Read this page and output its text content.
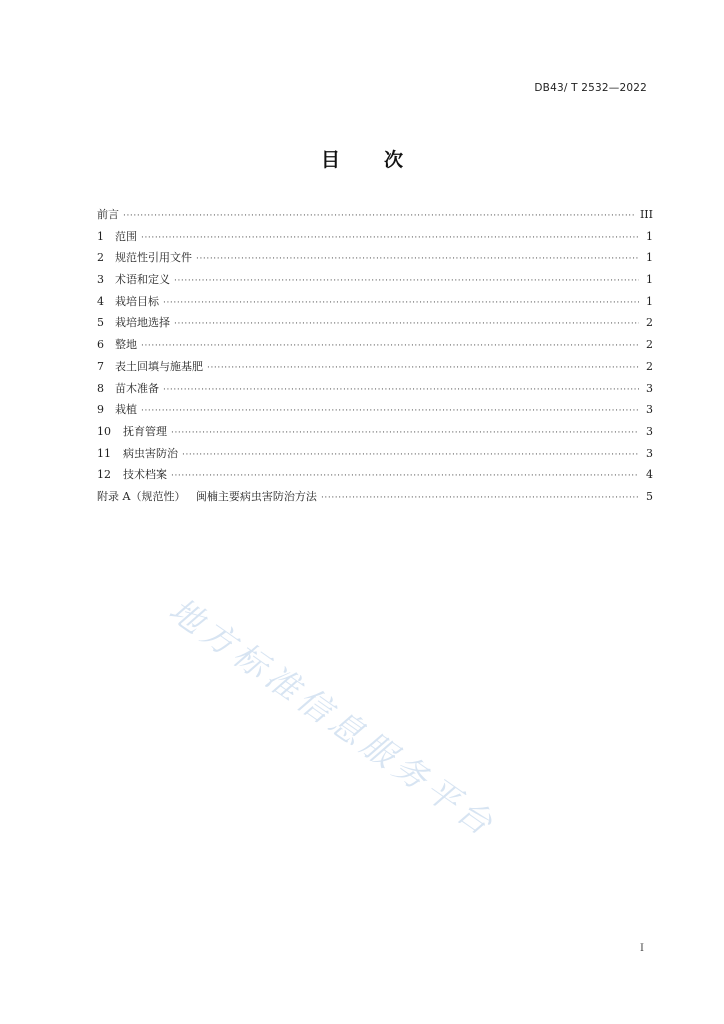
DB43/ T 2532—2022
目 次
前言 ·····	III
1	范围 ·····	1
2	规范性引用文件 ·····	1
3	术语和定义 ·····	1
4	栽培目标 ·····	1
5	栽培地选择 ·····	2
6	整地 ·····	2
7	表土回填与施基肥 ·····	2
8	苗木准备 ·····	3
9	栽植 ·····	3
10	抚育管理 ·····	3
11	病虫害防治 ·····	3
12	技术档案 ·····	4
附录 A（规范性）   闽楠主要病虫害防治方法 ·····	5
地方标准信息服务平台
I
